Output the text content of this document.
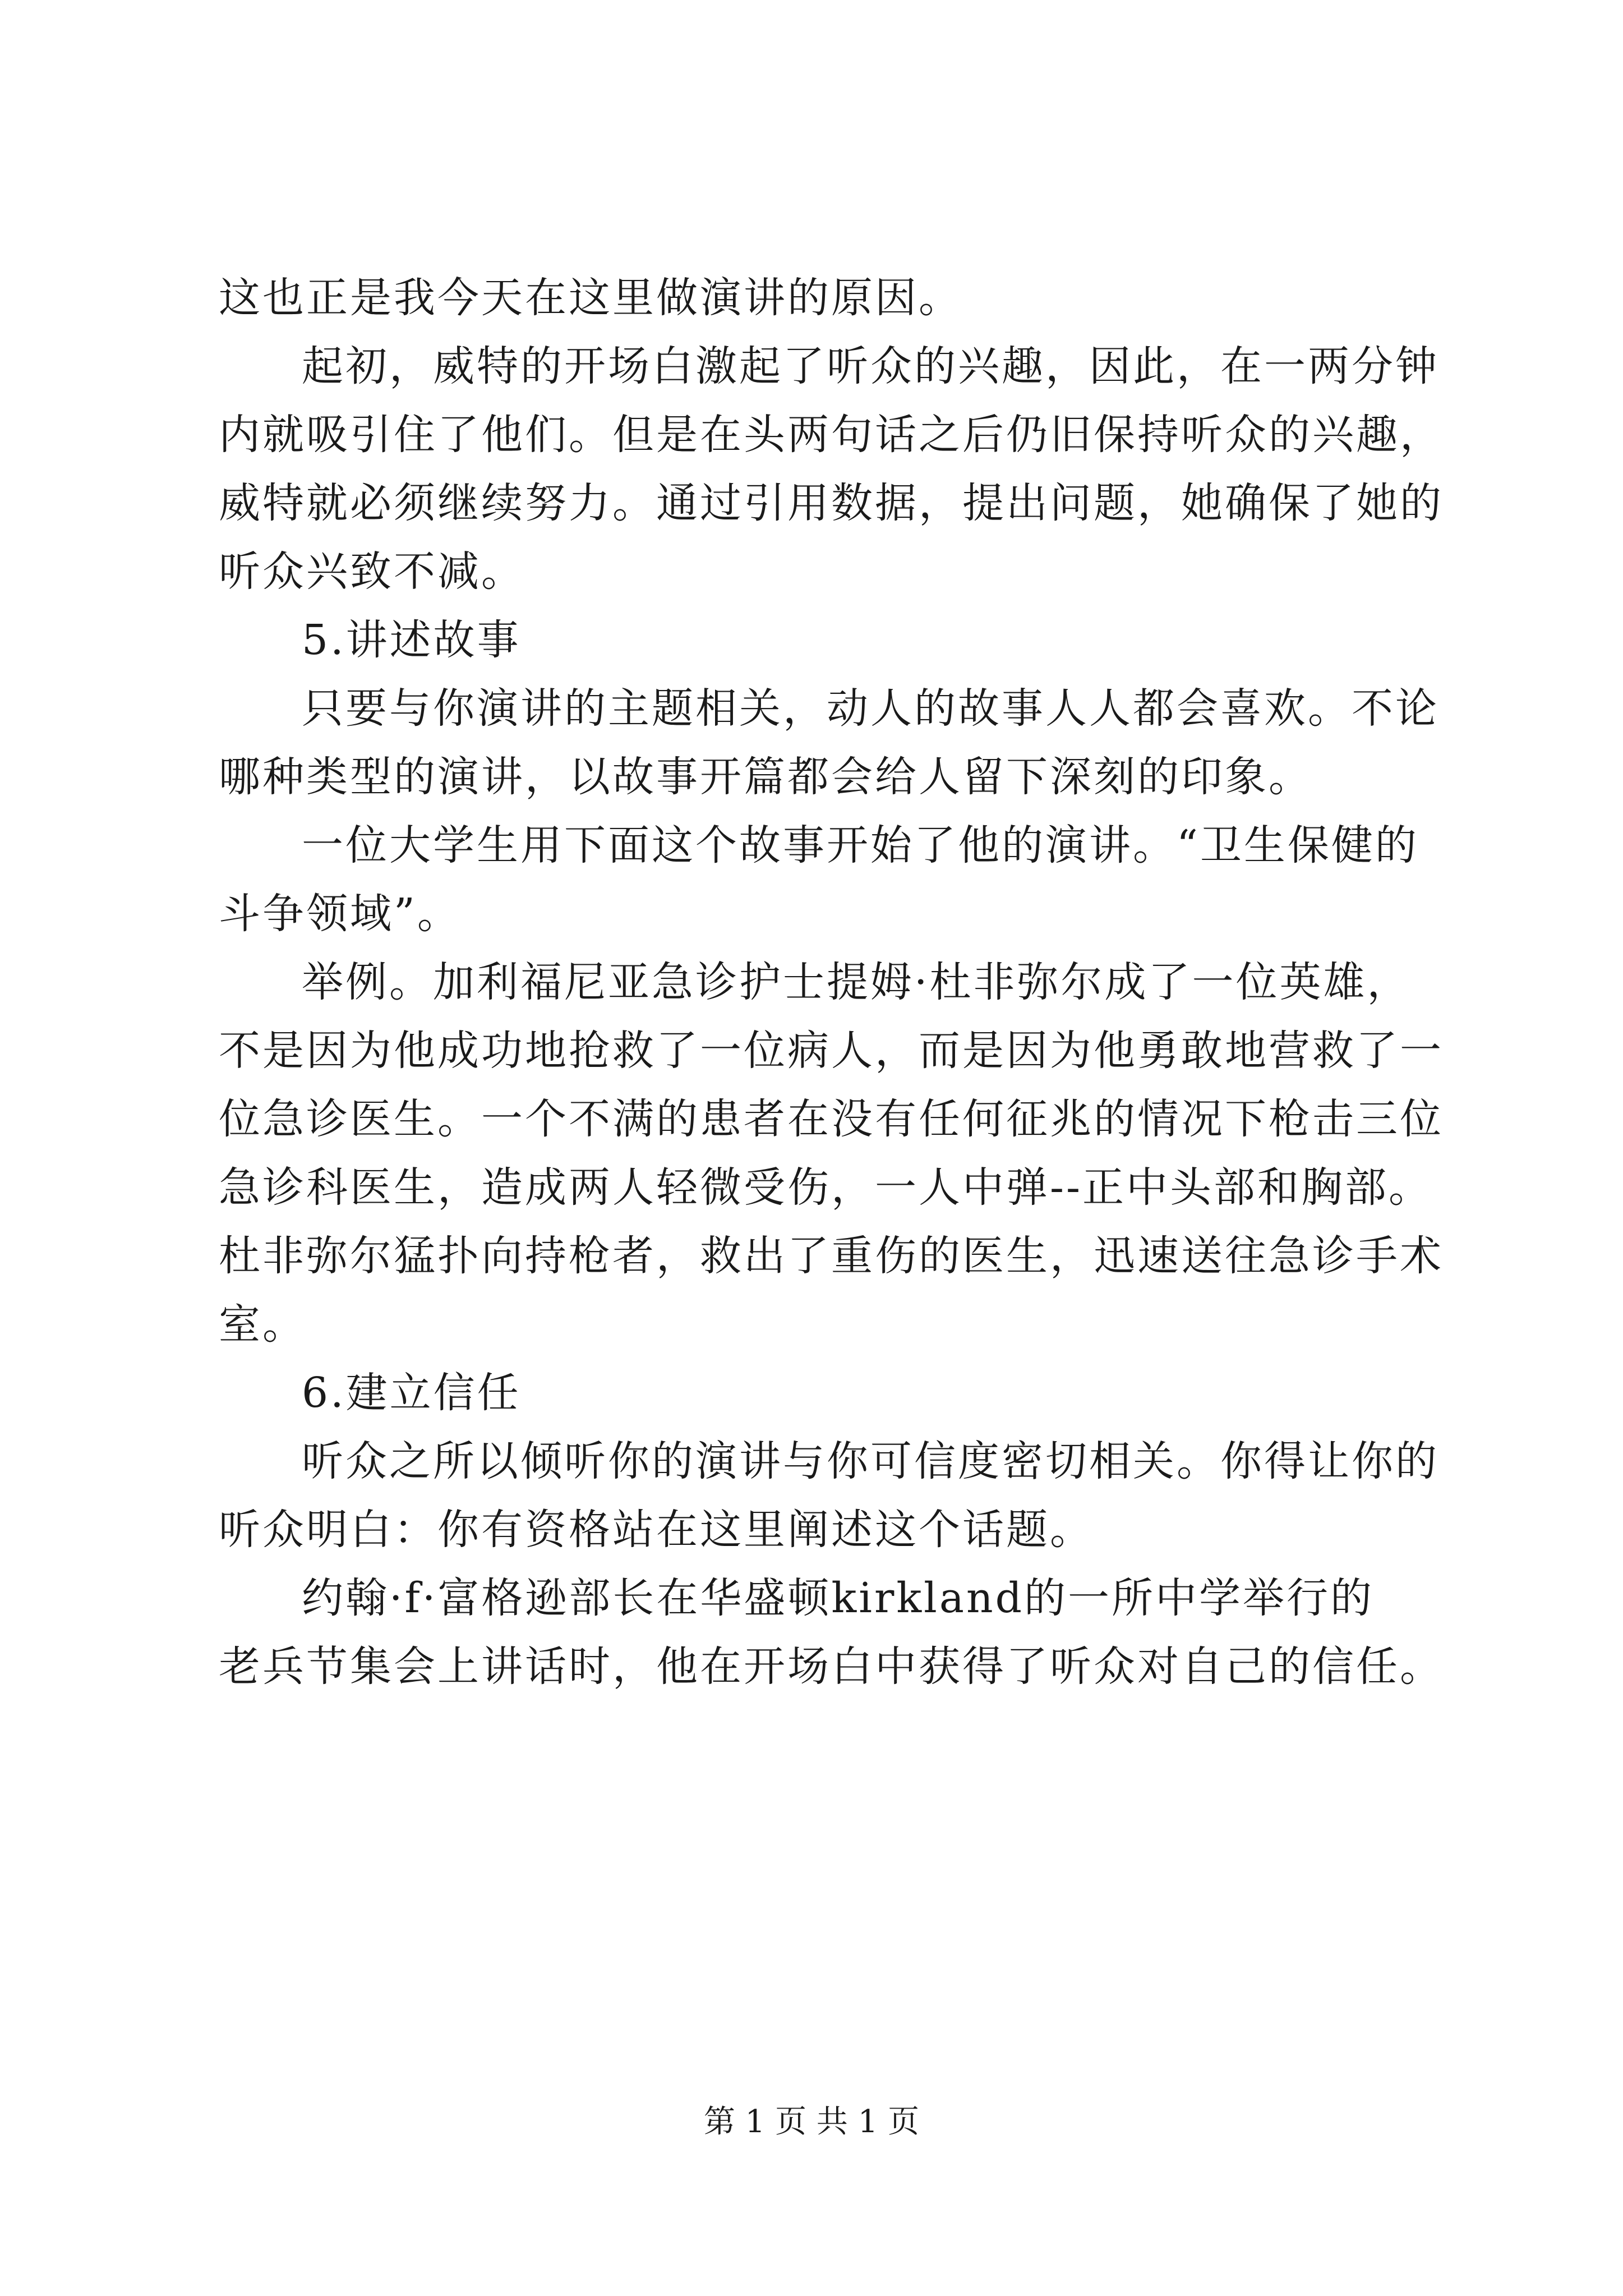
这也正是我今天在这里做演讲的原因。
起初，威特的开场白激起了听众的兴趣，因此，在一两分钟
内就吸引住了他们。但是在头两句话之后仍旧保持听众的兴趣，
威特就必须继续努力。通过引用数据，提出问题，她确保了她的
听众兴致不减。
5.讲述故事
只要与你演讲的主题相关，动人的故事人人都会喜欢。不论
哪种类型的演讲，以故事开篇都会给人留下深刻的印象。
一位大学生用下面这个故事开始了他的演讲。“卫生保健的
斗争领域”。
举例。加利福尼亚急诊护士提姆·杜非弥尔成了一位英雄，
不是因为他成功地抢救了一位病人，而是因为他勇敢地营救了一
位急诊医生。一个不满的患者在没有任何征兆的情况下枪击三位
急诊科医生，造成两人轻微受伤，一人中弹--正中头部和胸部。
杜非弥尔猛扑向持枪者，救出了重伤的医生，迅速送往急诊手术
室。
6.建立信任
听众之所以倾听你的演讲与你可信度密切相关。你得让你的
听众明白：你有资格站在这里阐述这个话题。
约翰·f·富格逊部长在华盛顿kirkland的一所中学举行的
老兵节集会上讲话时，他在开场白中获得了听众对自己的信任。
第 1 页 共 1 页
